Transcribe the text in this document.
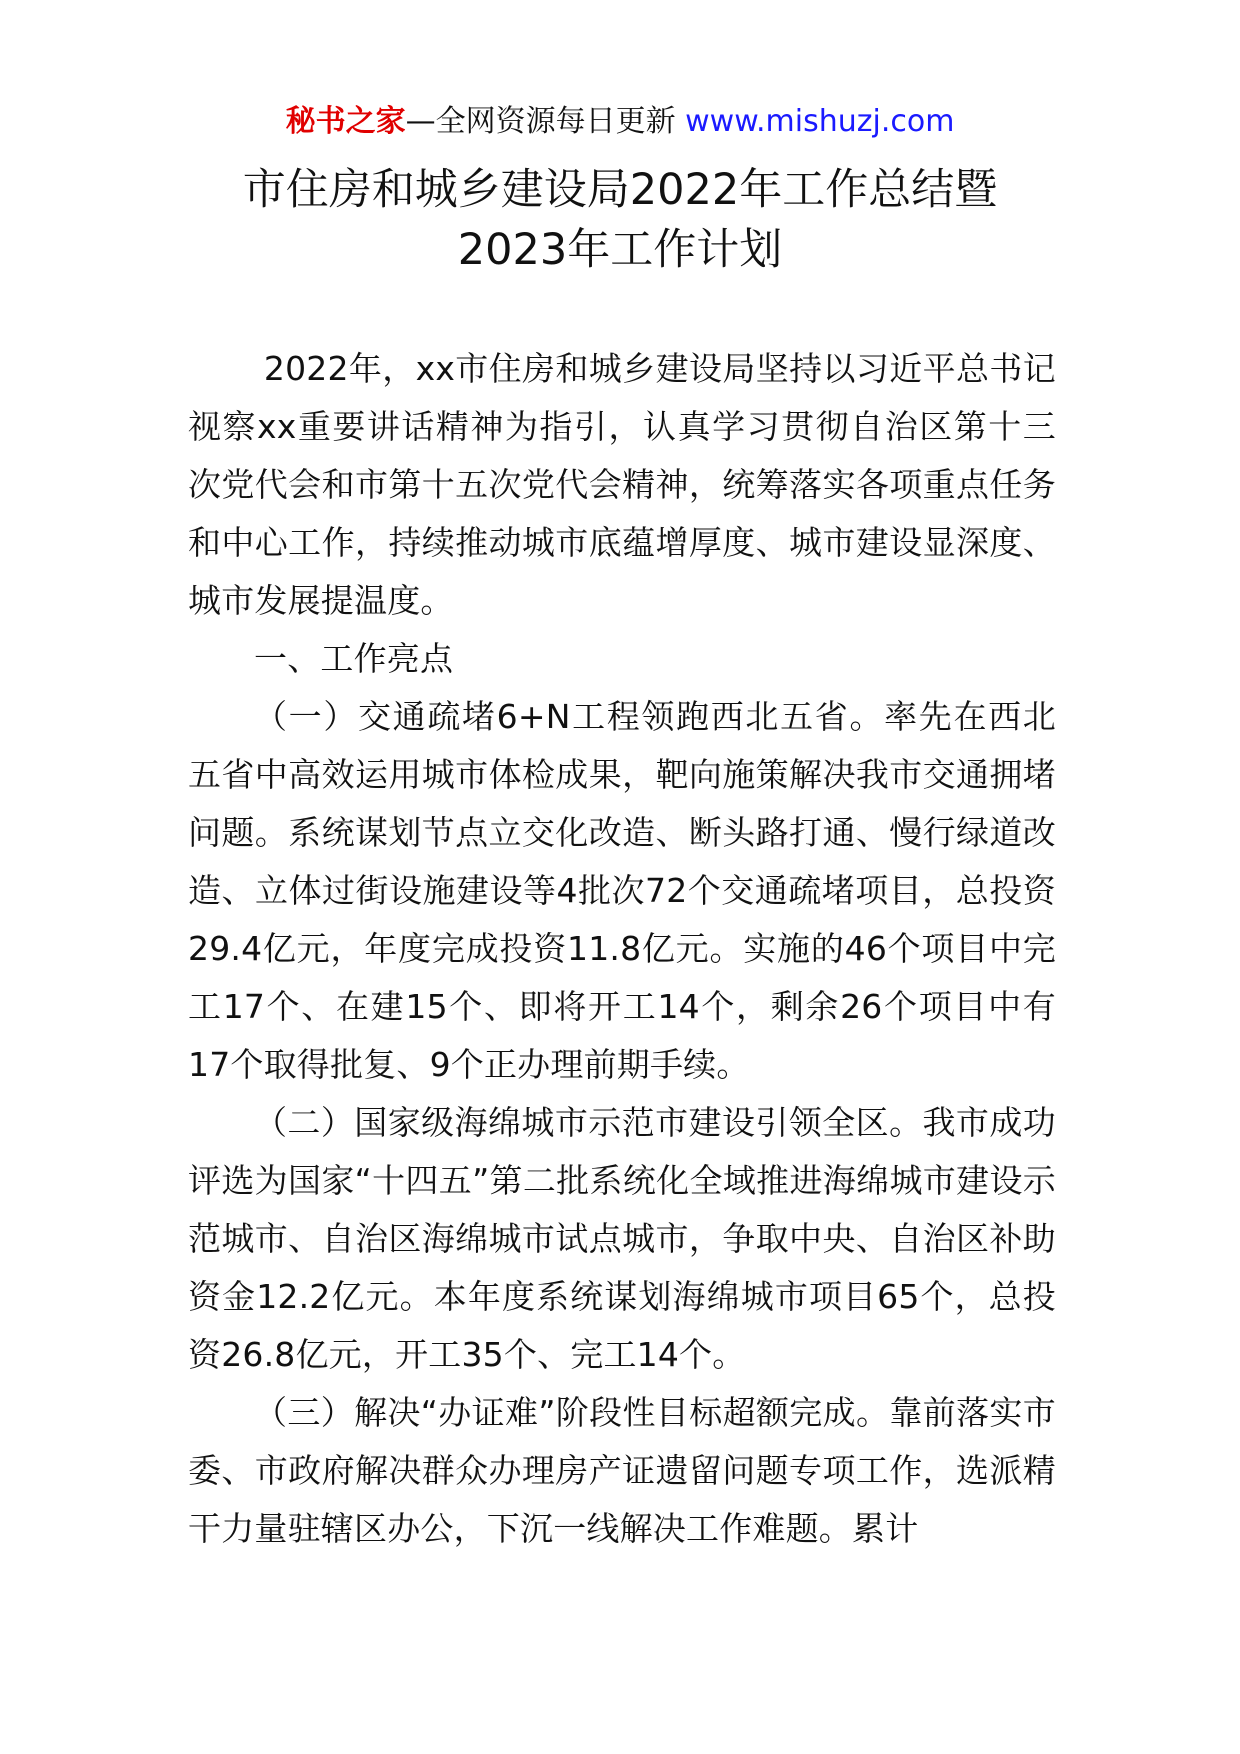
秘书之家—全网资源每日更新 www.mishuzj.com
市住房和城乡建设局2022年工作总结暨
2023年工作计划

2022年，xx市住房和城乡建设局坚持以习近平总书记视察xx重要讲话精神为指引，认真学习贯彻自治区第十三次党代会和市第十五次党代会精神，统筹落实各项重点任务和中心工作，持续推动城市底蕴增厚度、城市建设显深度、城市发展提温度。

一、工作亮点

（一）交通疏堵6+N工程领跑西北五省。率先在西北五省中高效运用城市体检成果，靶向施策解决我市交通拥堵问题。系统谋划节点立交化改造、断头路打通、慢行绿道改造、立体过街设施建设等4批次72个交通疏堵项目，总投资29.4亿元，年度完成投资11.8亿元。实施的46个项目中完工17个、在建15个、即将开工14个，剩余26个项目中有17个取得批复、9个正办理前期手续。

（二）国家级海绵城市示范市建设引领全区。我市成功评选为国家“十四五”第二批系统化全域推进海绵城市建设示范城市、自治区海绵城市试点城市，争取中央、自治区补助资金12.2亿元。本年度系统谋划海绵城市项目65个，总投资26.8亿元，开工35个、完工14个。

（三）解决“办证难”阶段性目标超额完成。靠前落实市委、市政府解决群众办理房产证遗留问题专项工作，选派精干力量驻辖区办公，下沉一线解决工作难题。累计
